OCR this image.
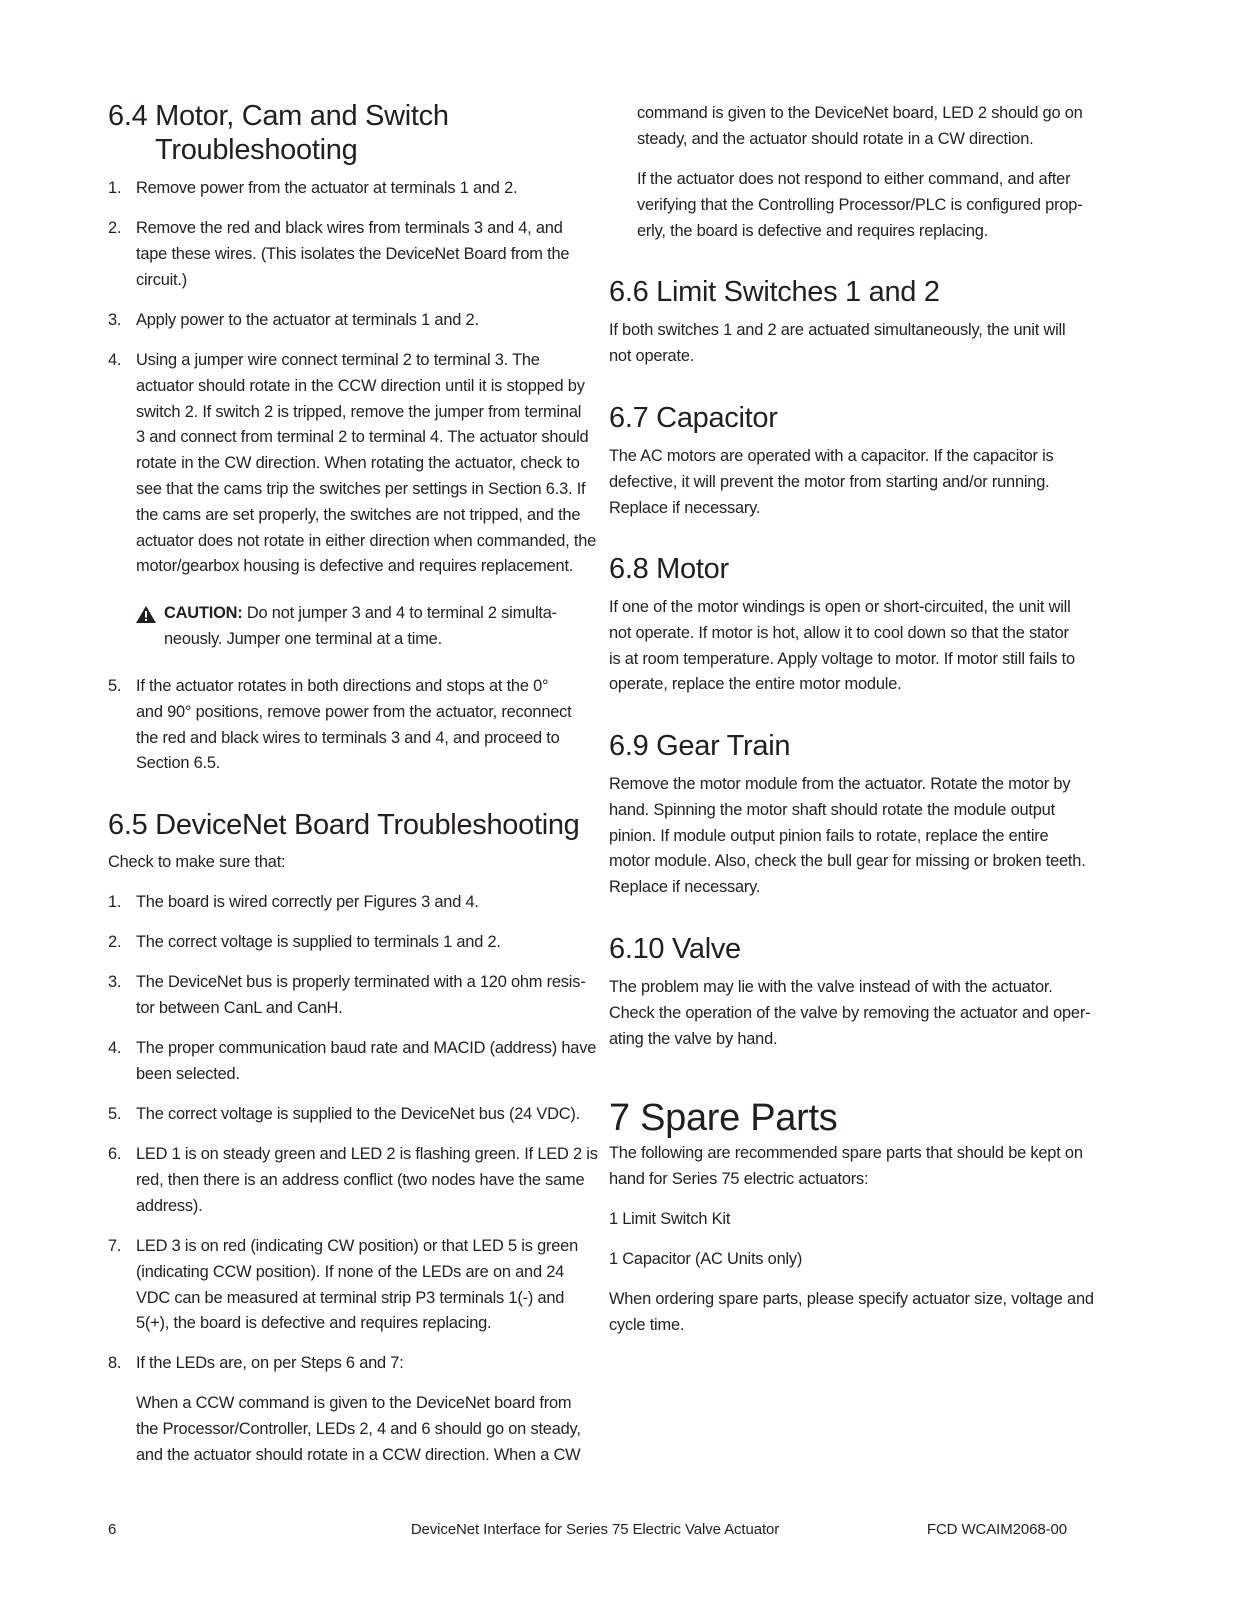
6.4 Motor, Cam and Switch
Troubleshooting
1. Remove power from the actuator at terminals 1 and 2.
2. Remove the red and black wires from terminals 3 and 4, and
tape these wires. (This isolates the DeviceNet Board from the
circuit.)
3. Apply power to the actuator at terminals 1 and 2.
4. Using a jumper wire connect terminal 2 to terminal 3. The
actuator should rotate in the CCW direction until it is stopped by
switch 2. If switch 2 is tripped, remove the jumper from terminal
3 and connect from terminal 2 to terminal 4. The actuator should
rotate in the CW direction. When rotating the actuator, check to
see that the cams trip the switches per settings in Section 6.3. If
the cams are set properly, the switches are not tripped, and the
actuator does not rotate in either direction when commanded, the
motor/gearbox housing is defective and requires replacement.
CAUTION: Do not jumper 3 and 4 to terminal 2 simulta-
neously. Jumper one terminal at a time.
5. If the actuator rotates in both directions and stops at the 0°
and 90° positions, remove power from the actuator, reconnect
the red and black wires to terminals 3 and 4, and proceed to
Section 6.5.
6.5 DeviceNet Board Troubleshooting

Check to make sure that:

1. The board is wired correctly per Figures 3 and 4.
2. The correct voltage is supplied to terminals 1 and 2.
3. The DeviceNet bus is properly terminated with a 120 ohm resis-
tor between CanL and CanH.
4. The proper communication baud rate and MACID (address) have
been selected.
5. The correct voltage is supplied to the DeviceNet bus (24 VDC).
6. LED 1 is on steady green and LED 2 is flashing green. If LED 2 is
red, then there is an address conflict (two nodes have the same
address).
7. LED 3 is on red (indicating CW position) or that LED 5 is green
(indicating CCW position). If none of the LEDs are on and 24
VDC can be measured at terminal strip P3 terminals 1(-) and
5(+), the board is defective and requires replacing.
8. If the LEDs are, on per Steps 6 and 7:
When a CCW command is given to the DeviceNet board from
the Processor/Controller, LEDs 2, 4 and 6 should go on steady,
and the actuator should rotate in a CCW direction. When a CW
command is given to the DeviceNet board, LED 2 should go on
steady, and the actuator should rotate in a CW direction.
If the actuator does not respond to either command, and after
verifying that the Controlling Processor/PLC is configured prop-
erly, the board is defective and requires replacing.
6.6 Limit Switches 1 and 2
If both switches 1 and 2 are actuated simultaneously, the unit will
not operate.
6.7 Capacitor
The AC motors are operated with a capacitor. If the capacitor is
defective, it will prevent the motor from starting and/or running.
Replace if necessary.
6.8 Motor
If one of the motor windings is open or short-circuited, the unit will
not operate. If motor is hot, allow it to cool down so that the stator
is at room temperature. Apply voltage to motor. If motor still fails to
operate, replace the entire motor module.
6.9 Gear Train
Remove the motor module from the actuator. Rotate the motor by
hand. Spinning the motor shaft should rotate the module output
pinion. If module output pinion fails to rotate, replace the entire
motor module. Also, check the bull gear for missing or broken teeth.
Replace if necessary.
6.10 Valve
The problem may lie with the valve instead of with the actuator.
Check the operation of the valve by removing the actuator and oper-
ating the valve by hand.
7 Spare Parts
The following are recommended spare parts that should be kept on
hand for Series 75 electric actuators:

1 Limit Switch Kit

1 Capacitor (AC Units only)

When ordering spare parts, please specify actuator size, voltage and
cycle time.
6	DeviceNet Interface for Series 75 Electric Valve Actuator	FCD WCAIM2068-00
